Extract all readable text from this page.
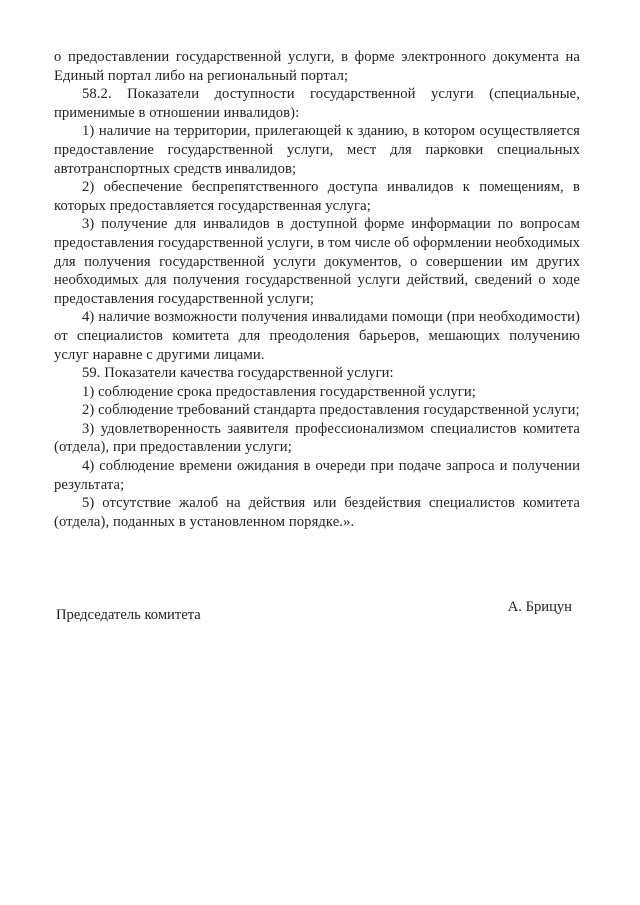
о предоставлении государственной услуги, в форме электронного документа на Единый портал либо на региональный портал;

58.2. Показатели доступности государственной услуги (специальные, применимые в отношении инвалидов):

1) наличие на территории, прилегающей к зданию, в котором осуществляется предоставление государственной услуги, мест для парковки специальных автотранспортных средств инвалидов;

2) обеспечение беспрепятственного доступа инвалидов к помещениям, в которых предоставляется государственная услуга;

3) получение для инвалидов в доступной форме информации по вопросам предоставления государственной услуги, в том числе об оформлении необходимых для получения государственной услуги документов, о совершении им других необходимых для получения государственной услуги действий, сведений о ходе предоставления государственной услуги;

4) наличие возможности получения инвалидами помощи (при необходимости) от специалистов комитета для преодоления барьеров, мешающих получению услуг наравне с другими лицами.

59. Показатели качества государственной услуги:

1) соблюдение срока предоставления государственной услуги;

2) соблюдение требований стандарта предоставления государственной услуги;

3) удовлетворенность заявителя профессионализмом специалистов комитета (отдела), при предоставлении услуги;

4) соблюдение времени ожидания в очереди при подаче запроса и получении результата;

5) отсутствие жалоб на действия или бездействия специалистов комитета (отдела), поданных в установленном порядке.».

Председатель комитета	А. Брицун
